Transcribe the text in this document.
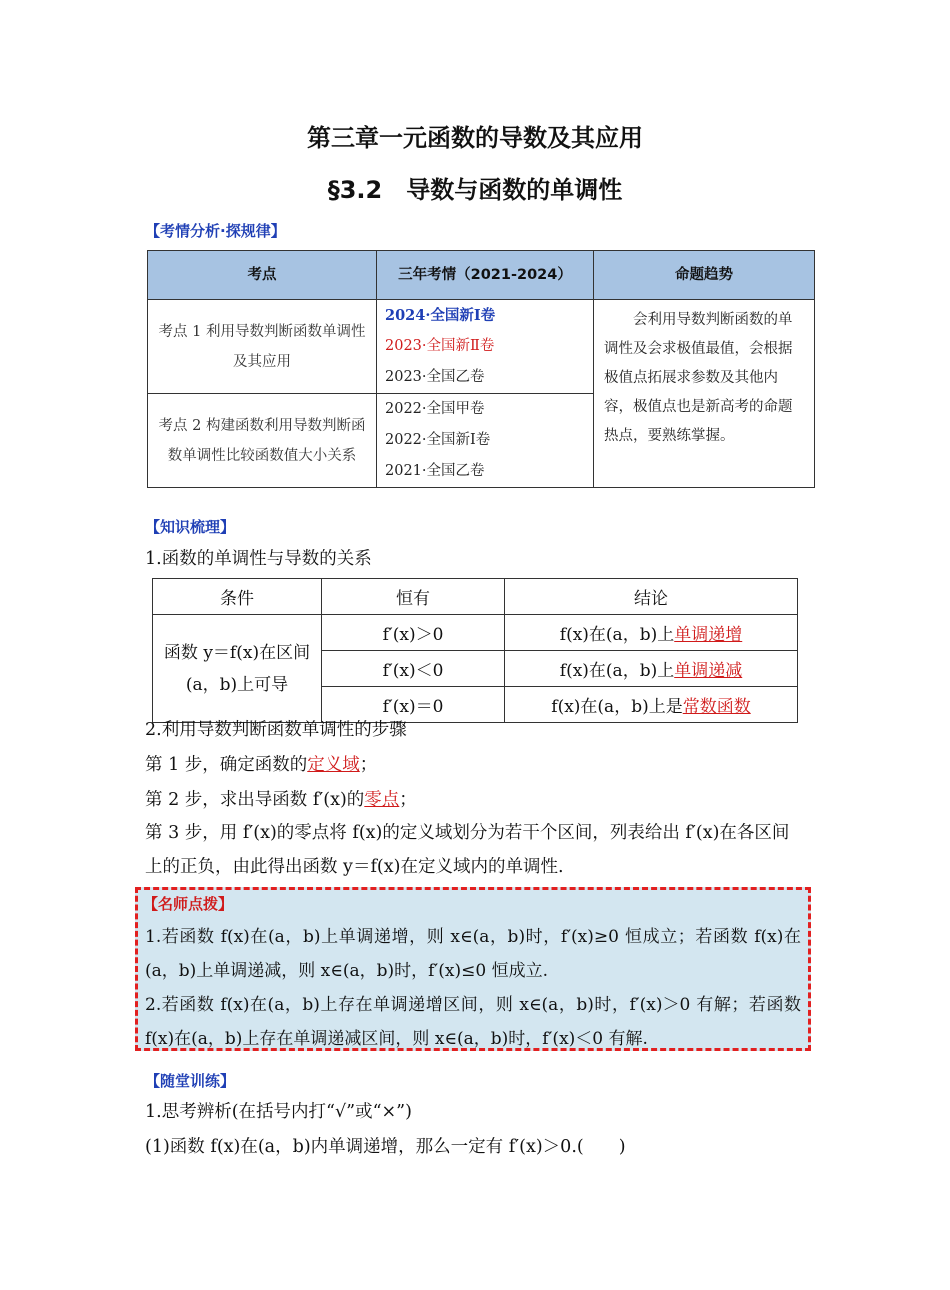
第三章一元函数的导数及其应用
§3.2　导数与函数的单调性
【考情分析·探规律】
考点	三年考情（2021-2024）	命题趋势
考点 1 利用导数判断函数单调性及其应用	2024·全国新Ⅰ卷
2023·全国新Ⅱ卷
2023·全国乙卷	会利用导数判断函数的单调性及会求极值最值，会根据极值点拓展求参数及其他内容，极值点也是新高考的命题热点，要熟练掌握。
考点 2 构建函数利用导数判断函数单调性比较函数值大小关系	2022·全国甲卷
2022·全国新Ⅰ卷
2021·全国乙卷	
【知识梳理】
1.函数的单调性与导数的关系
条件	恒有	结论
函数 y＝f(x)在区间(a，b)上可导	f′(x)＞0	f(x)在(a，b)上单调递增
	f′(x)＜0	f(x)在(a，b)上单调递减
	f′(x)＝0	f(x)在(a，b)上是常数函数
2.利用导数判断函数单调性的步骤
第 1 步，确定函数的定义域；
第 2 步，求出导函数 f′(x)的零点；
第 3 步，用 f′(x)的零点将 f(x)的定义域划分为若干个区间，列表给出 f′(x)在各区间上的正负，由此得出函数 y＝f(x)在定义域内的单调性.
【名师点拨】
1.若函数 f(x)在(a，b)上单调递增，则 x∈(a，b)时，f′(x)≥0 恒成立；若函数 f(x)在(a，b)上单调递减，则 x∈(a，b)时，f′(x)≤0 恒成立.
2.若函数 f(x)在(a，b)上存在单调递增区间，则 x∈(a，b)时，f′(x)＞0 有解；若函数 f(x)在(a，b)上存在单调递减区间，则 x∈(a，b)时，f′(x)＜0 有解.
【随堂训练】
1.思考辨析(在括号内打“√”或“×”)
(1)函数 f(x)在(a，b)内单调递增，那么一定有 f′(x)＞0.(　　)
